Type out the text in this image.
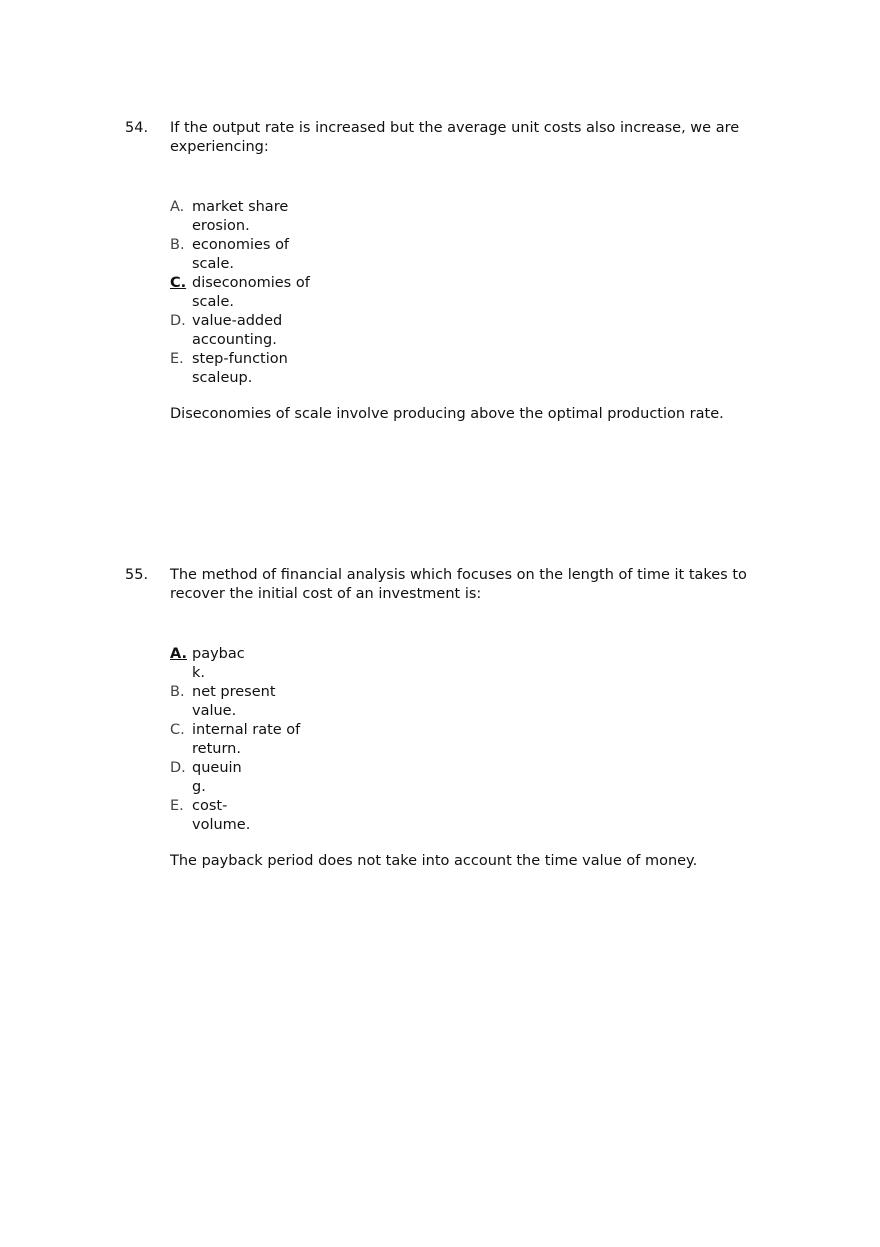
54. If the output rate is increased but the average unit costs also increase, we are experiencing:
A. market share
erosion.
B. economies of
scale.
C. diseconomies of
scale.
D. value-added
accounting.
E. step-function
scaleup.
Diseconomies of scale involve producing above the optimal production rate.
55. The method of financial analysis which focuses on the length of time it takes to recover the initial cost of an investment is:
A. paybac
k.
B. net present
value.
C. internal rate of
return.
D. queuin
g.
E. cost-
volume.
The payback period does not take into account the time value of money.
